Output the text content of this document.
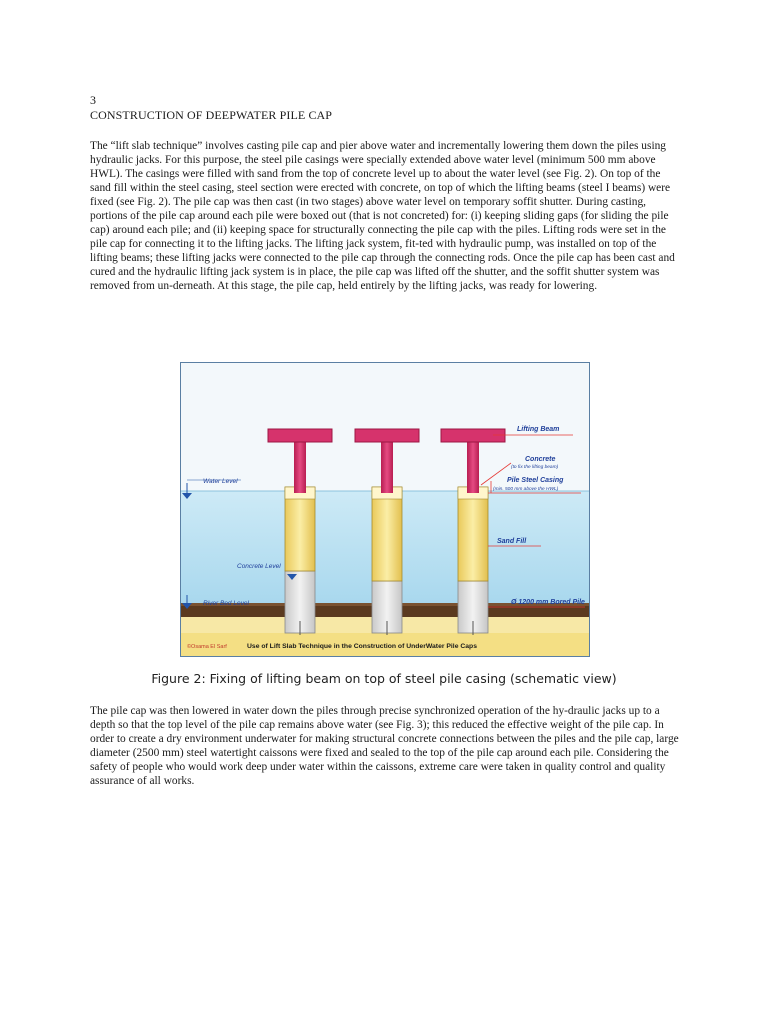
3
CONSTRUCTION OF DEEPWATER PILE CAP

The “lift slab technique” involves casting pile cap and pier above water and incrementally lowering them down the piles using hydraulic jacks. For this purpose, the steel pile casings were specially extended above water level (minimum 500 mm above HWL). The casings were filled with sand from the top of concrete level up to about the water level (see Fig. 2). On top of the sand fill within the steel casing, steel section were erected with concrete, on top of which the lifting beams (steel I beams) were fixed (see Fig. 2). The pile cap was then cast (in two stages) above water level on temporary soffit shutter. During casting, portions of the pile cap around each pile were boxed out (that is not concreted) for: (i) keeping sliding gaps (for sliding the pile cap) around each pile; and (ii) keeping space for structurally connecting the pile cap with the piles. Lifting rods were set in the pile cap for connecting it to the lifting jacks. The lifting jack system, fit-ted with hydraulic pump, was installed on top of the lifting beams; these lifting jacks were connected to the pile cap through the connecting rods. Once the pile cap has been cast and cured and the hydraulic lifting jack system is in place, the pile cap was lifted off the shutter, and the soffit shutter system was removed from un-derneath. At this stage, the pile cap, held entirely by the lifting jacks, was ready for lowering.

Water Level
Concrete Level
River Bed Level
Lifting Beam
Concrete
(to fix the lifting beam)
Pile Steel Casing
(min. 500 mm above the HWL)
Sand Fill
Ø 1200 mm Bored Pile
©Osama El Sarf	Use of Lift Slab Technique in the Construction of UnderWater Pile Caps
Figure 2: Fixing of lifting beam on top of steel pile casing (schematic view)

The pile cap was then lowered in water down the piles through precise synchronized operation of the hy-draulic jacks up to a depth so that the top level of the pile cap remains above water (see Fig. 3); this reduced the effective weight of the pile cap. In order to create a dry environment underwater for making structural concrete connections between the piles and the pile cap, large diameter (2500 mm) steel watertight caissons were fixed and sealed to the top of the pile cap around each pile. Considering the safety of people who would work deep under water within the caissons, extreme care were taken in quality control and quality assurance of all works.
